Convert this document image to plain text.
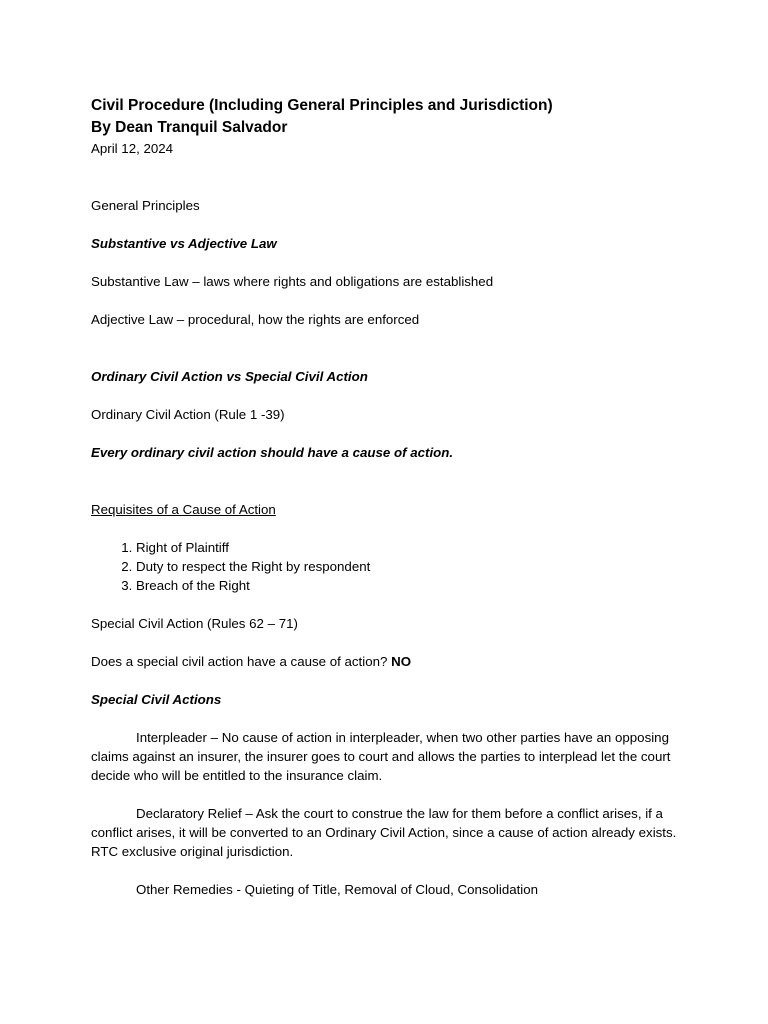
Civil Procedure (Including General Principles and Jurisdiction)

By Dean Tranquil Salvador

April 12, 2024

General Principles

Substantive vs Adjective Law

Substantive Law – laws where rights and obligations are established

Adjective Law – procedural, how the rights are enforced

Ordinary Civil Action vs Special Civil Action

Ordinary Civil Action (Rule 1 -39)

Every ordinary civil action should have a cause of action.

Requisites of a Cause of Action

1. Right of Plaintiff
2. Duty to respect the Right by respondent
3. Breach of the Right

Special Civil Action (Rules 62 – 71)

Does a special civil action have a cause of action? NO

Special Civil Actions

Interpleader – No cause of action in interpleader, when two other parties have an opposing claims against an insurer, the insurer goes to court and allows the parties to interplead let the court decide who will be entitled to the insurance claim.

Declaratory Relief – Ask the court to construe the law for them before a conflict arises, if a conflict arises, it will be converted to an Ordinary Civil Action, since a cause of action already exists. RTC exclusive original jurisdiction.

Other Remedies - Quieting of Title, Removal of Cloud, Consolidation
